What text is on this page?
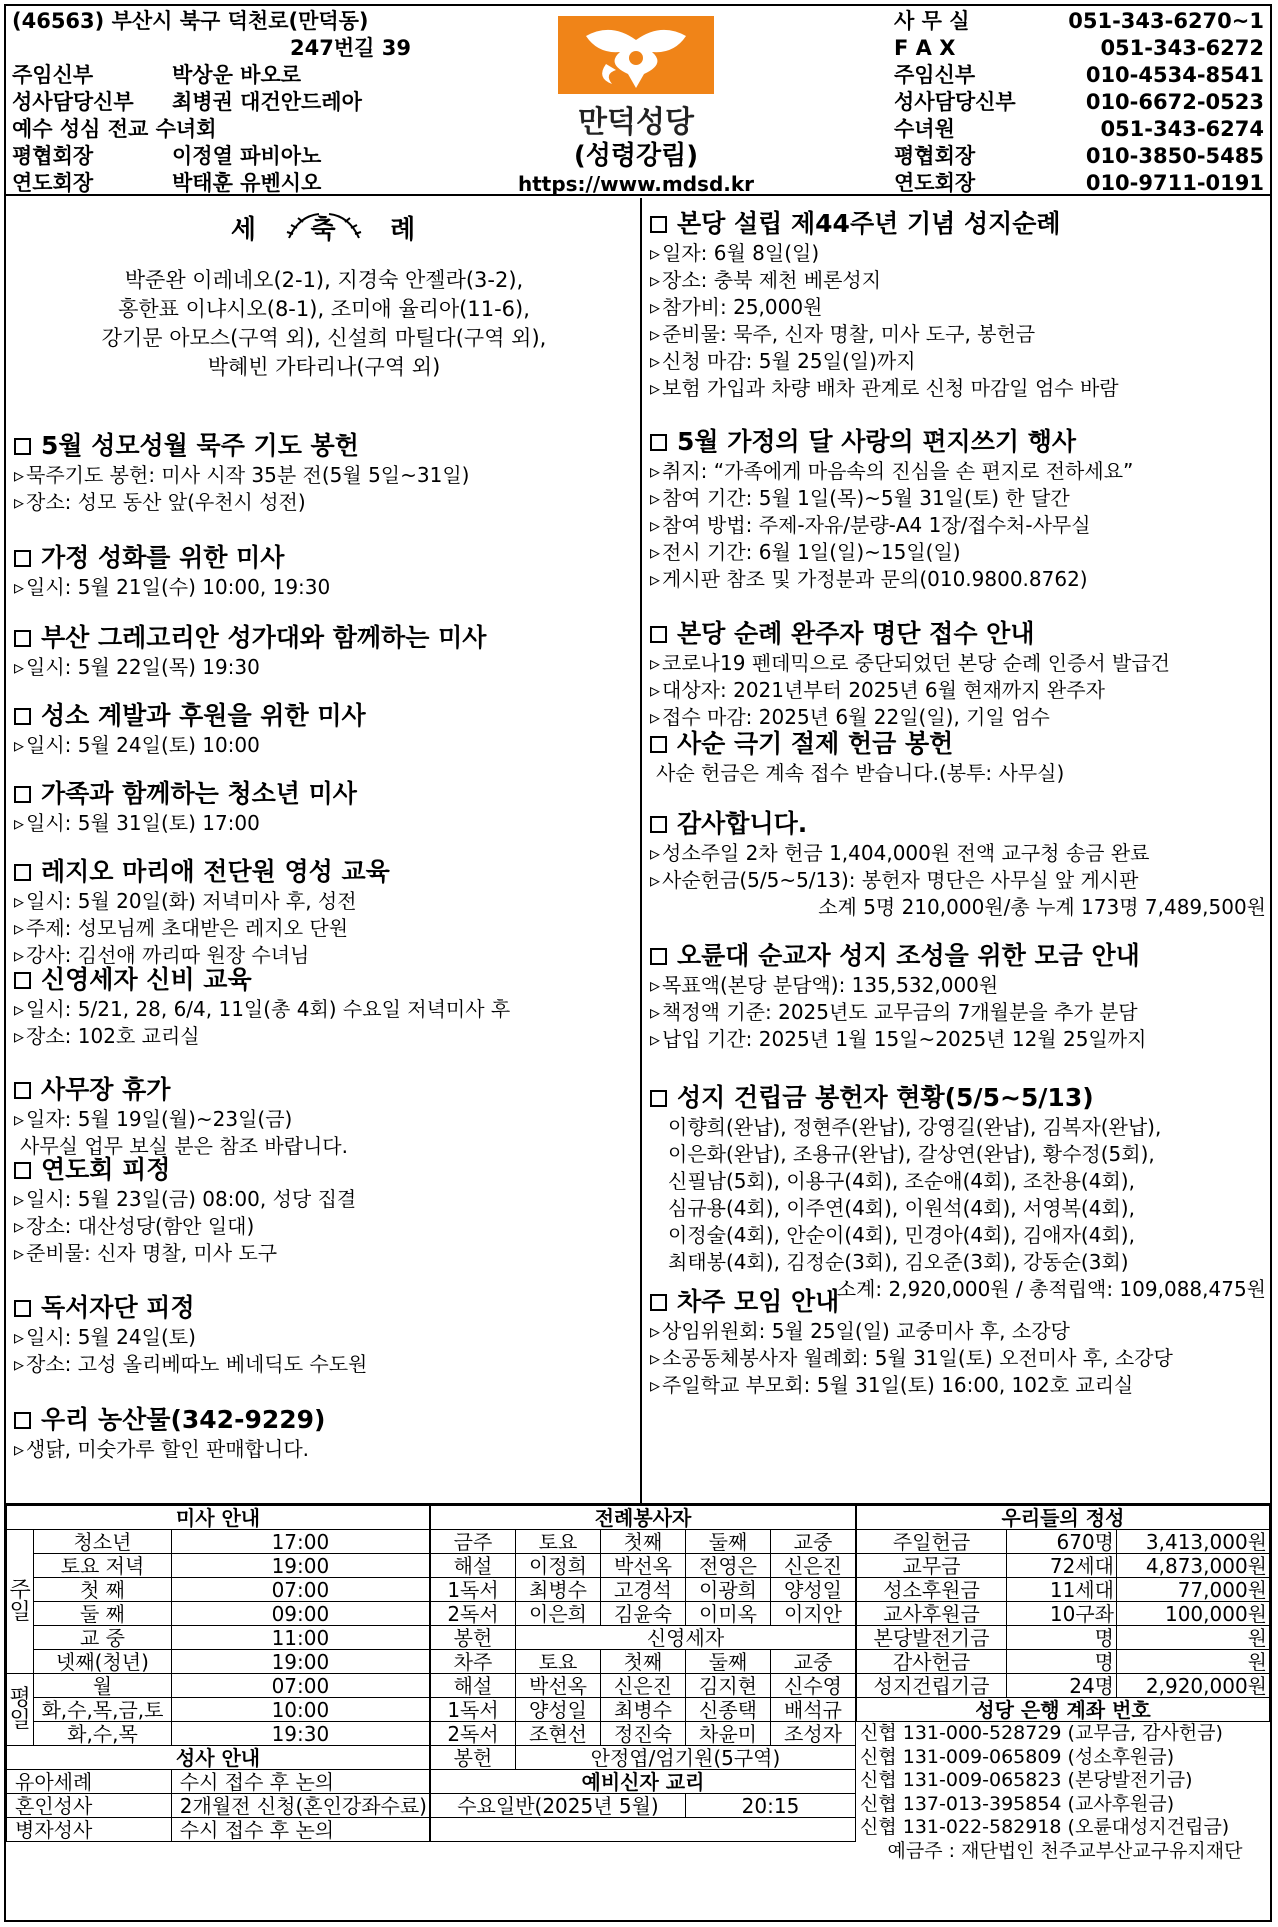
(46563) 부산시 북구 덕천로(만덕동)
247번길 39
주임신부	박상운 바오로
성사담당신부 최병권 대건안드레아
예수 성심 전교 수녀회
평협회장	이정열 파비아노
연도회장	박태훈 유벤시오
만덕성당
(성령강림)
https://www.mdsd.kr
사 무 실	051-343-6270~1
F A X	051-343-6272
주임신부	010-4534-8541
성사담당신부	010-6672-0523
수녀원	051-343-6274
평협회장	010-3850-5485
연도회장	010-9711-0191
세 축 례
박준완 이레네오(2-1), 지경숙 안젤라(3-2),
홍한표 이냐시오(8-1), 조미애 율리아(11-6),
강기문 아모스(구역 외), 신설희 마틸다(구역 외),
박혜빈 가타리나(구역 외)
5월 성모성월 묵주 기도 봉헌
▹ 묵주기도 봉헌: 미사 시작 35분 전(5월 5일~31일)
▹ 장소: 성모 동산 앞(우천시 성전)
가정 성화를 위한 미사
▹ 일시: 5월 21일(수) 10:00, 19:30
부산 그레고리안 성가대와 함께하는 미사
▹ 일시: 5월 22일(목) 19:30
성소 계발과 후원을 위한 미사
▹ 일시: 5월 24일(토) 10:00
가족과 함께하는 청소년 미사
▹ 일시: 5월 31일(토) 17:00
레지오 마리애 전단원 영성 교육
▹ 일시: 5월 20일(화) 저녁미사 후, 성전
▹ 주제: 성모님께 초대받은 레지오 단원
▹ 강사: 김선애 까리따 원장 수녀님
신영세자 신비 교육
▹ 일시: 5/21, 28, 6/4, 11일(총 4회) 수요일 저녁미사 후
▹ 장소: 102호 교리실
사무장 휴가
▹ 일자: 5월 19일(월)~23일(금)
사무실 업무 보실 분은 참조 바랍니다.
연도회 피정
▹ 일시: 5월 23일(금) 08:00, 성당 집결
▹ 장소: 대산성당(함안 일대)
▹ 준비물: 신자 명찰, 미사 도구
독서자단 피정
▹ 일시: 5월 24일(토)
▹ 장소: 고성 올리베따노 베네딕도 수도원
우리 농산물(342-9229)
▹ 생닭, 미숫가루 할인 판매합니다.
본당 설립 제44주년 기념 성지순례
▹ 일자: 6월 8일(일)
▹ 장소: 충북 제천 베론성지
▹ 참가비: 25,000원
▹ 준비물: 묵주, 신자 명찰, 미사 도구, 봉헌금
▹ 신청 마감: 5월 25일(일)까지
▹ 보험 가입과 차량 배차 관계로 신청 마감일 엄수 바람
5월 가정의 달 사랑의 편지쓰기 행사
▹ 취지: “가족에게 마음속의 진심을 손 편지로 전하세요”
▹ 참여 기간: 5월 1일(목)~5월 31일(토) 한 달간
▹ 참여 방법: 주제-자유/분량-A4 1장/접수처-사무실
▹ 전시 기간: 6월 1일(일)~15일(일)
▹ 게시판 참조 및 가정분과 문의(010.9800.8762)
본당 순례 완주자 명단 접수 안내
▹ 코로나19 펜데믹으로 중단되었던 본당 순례 인증서 발급건
▹ 대상자: 2021년부터 2025년 6월 현재까지 완주자
▹ 접수 마감: 2025년 6월 22일(일), 기일 엄수
사순 극기 절제 헌금 봉헌
사순 헌금은 계속 접수 받습니다.(봉투: 사무실)
감사합니다.
▹ 성소주일 2차 헌금 1,404,000원 전액 교구청 송금 완료
▹ 사순헌금(5/5~5/13): 봉헌자 명단은 사무실 앞 게시판
소계 5명 210,000원/총 누계 173명 7,489,500원
오륜대 순교자 성지 조성을 위한 모금 안내
▹ 목표액(본당 분담액): 135,532,000원
▹ 책정액 기준: 2025년도 교무금의 7개월분을 추가 분담
▹ 납입 기간: 2025년 1월 15일~2025년 12월 25일까지
성지 건립금 봉헌자 현황(5/5~5/13)
이향희(완납), 정현주(완납), 강영길(완납), 김복자(완납),
이은화(완납), 조용규(완납), 갈상연(완납), 황수정(5회),
신필남(5회), 이용구(4회), 조순애(4회), 조찬용(4회),
심규용(4회), 이주연(4회), 이원석(4회), 서영복(4회),
이정술(4회), 안순이(4회), 민경아(4회), 김애자(4회),
최태봉(4회), 김정순(3회), 김오준(3회), 강동순(3회)
소계: 2,920,000원 / 총적립액: 109,088,475원
차주 모임 안내
▹ 상임위원회: 5월 25일(일) 교중미사 후, 소강당
▹ 소공동체봉사자 월례회: 5월 31일(토) 오전미사 후, 소강당
▹ 주일학교 부모회: 5월 31일(토) 16:00, 102호 교리실
미사 안내		
주일	청소년	17:00
	토요 저녁	19:00
	첫 째	07:00
	둘 째	09:00
	교 중	11:00
	넷째(청년)	19:00
평일	월	07:00
	화,수,목,금,토	10:00
	화,수,목	19:30
성사 안내		
유아세례		수시 접수 후 논의
혼인성사		2개월전 신청(혼인강좌수료)
병자성사		수시 접수 후 논의
전례봉사자				
금주	토요	첫째	둘째	교중
해설	이정희	박선옥	전영은	신은진
1독서	최병수	고경석	이광희	양성일
2독서	이은희	김윤숙	이미옥	이지안
봉헌	신영세자			
차주	토요	첫째	둘째	교중
해설	박선옥	신은진	김지현	신수영
1독서	양성일	최병수	신종택	배석규
2독서	조현선	정진숙	차윤미	조성자
봉헌	안정엽/엄기원(5구역)			
예비신자 교리				
수요일반(2025년 5월)			20:15	

우리들의 정성		
주일헌금	670명	3,413,000원
교무금	72세대	4,873,000원
성소후원금	11세대	77,000원
교사후원금	10구좌	100,000원
본당발전기금	명	원
감사헌금	명	원
성지건립기금	24명	2,920,000원
성당 은행 계좌 번호		
신협 131-000-528729 (교무금, 감사헌금)
신협 131-009-065809 (성소후원금)
신협 131-009-065823 (본당발전기금)
신협 137-013-395854 (교사후원금)
신협 131-022-582918 (오륜대성지건립금)
예금주 : 재단법인 천주교부산교구유지재단
